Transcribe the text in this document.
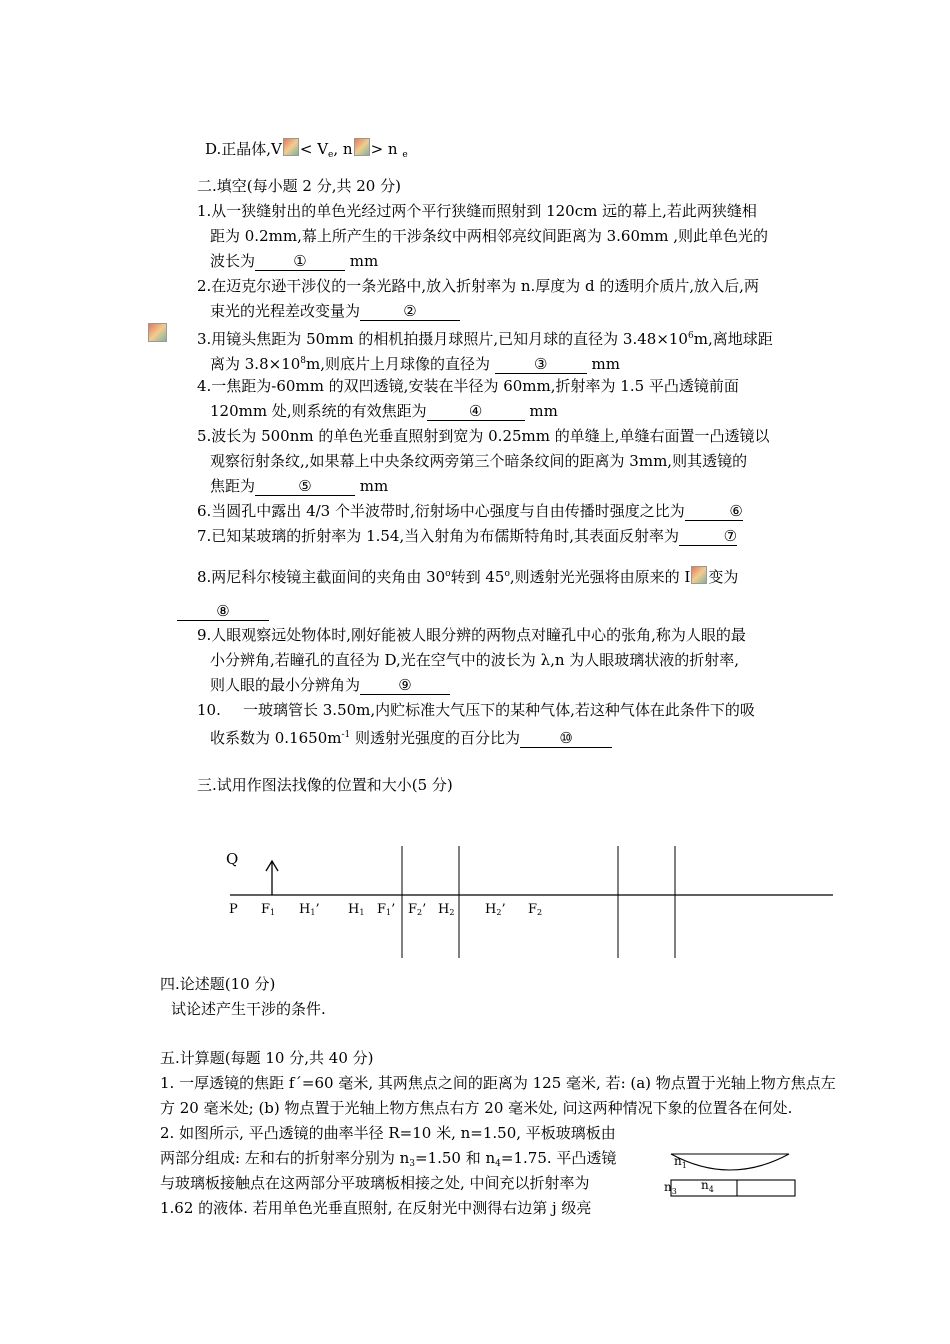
D.正晶体$,V < V_e$, n > n $_e$
二.填空(每小题 2 分,共 20 分)
1.从一狭缝射出的单色光经过两个平行狭缝而照射到 120cm 远的幕上,若此两狭缝相
距为 0.2mm,幕上所产生的干涉条纹中两相邻亮纹间距离为 3.60mm ,则此单色光的
波长为	①	mm
2.在迈克尔逊干涉仪的一条光路中,放入折射率为 n.厚度为 d 的透明介质片,放入后,两
束光的光程差改变量为	②
3.用镜头焦距为 50mm 的相机拍摄月球照片,已知月球的直径为 $3.48\times 10^6m$,离地球距
离为 $3.8\times 10^8m$,则底片上月球像的直径为	③	mm
4.一焦距为-60mm 的双凹透镜,安装在半径为 60mm,折射率为 1.5 平凸透镜前面
120mm 处,则系统的有效焦距为	④	mm
5.波长为 500nm 的单色光垂直照射到宽为 0.25mm 的单缝上,单缝右面置一凸透镜以
观察衍射条纹,,如果幕上中央条纹两旁第三个暗条纹间的距离为 3mm,则其透镜的
焦距为	⑤	mm
6.当圆孔中露出 4/3 个半波带时,衍射场中心强度与自由传播时强度之比为	⑥
7.已知某玻璃的折射率为 1.54,当入射角为布儒斯特角时,其表面反射率为	⑦
8.两尼科尔棱镜主截面间的夹角由 30$^o$转到 45$^o$,则透射光光强将由原来的 I 变为
⑧
9.人眼观察远处物体时,刚好能被人眼分辨的两物点对瞳孔中心的张角,称为人眼的最
小分辨角,若瞳孔的直径为 D,光在空气中的波长为 λ,n 为人眼玻璃状液的折射率,
则人眼的最小分辨角为	⑨
10. 一玻璃管长 3.50m,内贮标准大气压下的某种气体,若这种气体在此条件下的吸
收系数为 $0.1650m^{-1}$ 则透射光强度的百分比为	⑩
三.试用作图法找像的位置和大小(5 分)
Q
P F1 H1’ H1 F1’ F2’ H2 H2’ F2
四.论述题(10 分)
试论述产生干涉的条件.
五.计算题(每题 10 分,共 40 分)
1. 一厚透镜的焦距 f´=60 毫米, 其两焦点之间的距离为 125 毫米, 若: (a) 物点置于光轴上物方焦点左
方 20 毫米处; (b) 物点置于光轴上物方焦点右方 20 毫米处, 问这两种情况下象的位置各在何处.
2. 如图所示, 平凸透镜的曲率半径 R=10 米, n=1.50, 平板玻璃板由
两部分组成: 左和右的折射率分别为 $n_3=1.50$ 和 $n_4=1.75$. 平凸透镜
与玻璃板接触点在这两部分平玻璃板相接之处, 中间充以折射率为
1.62 的液体. 若用单色光垂直照射, 在反射光中测得右边第 j 级亮
$n_1$
$n_3$ $n_4$
